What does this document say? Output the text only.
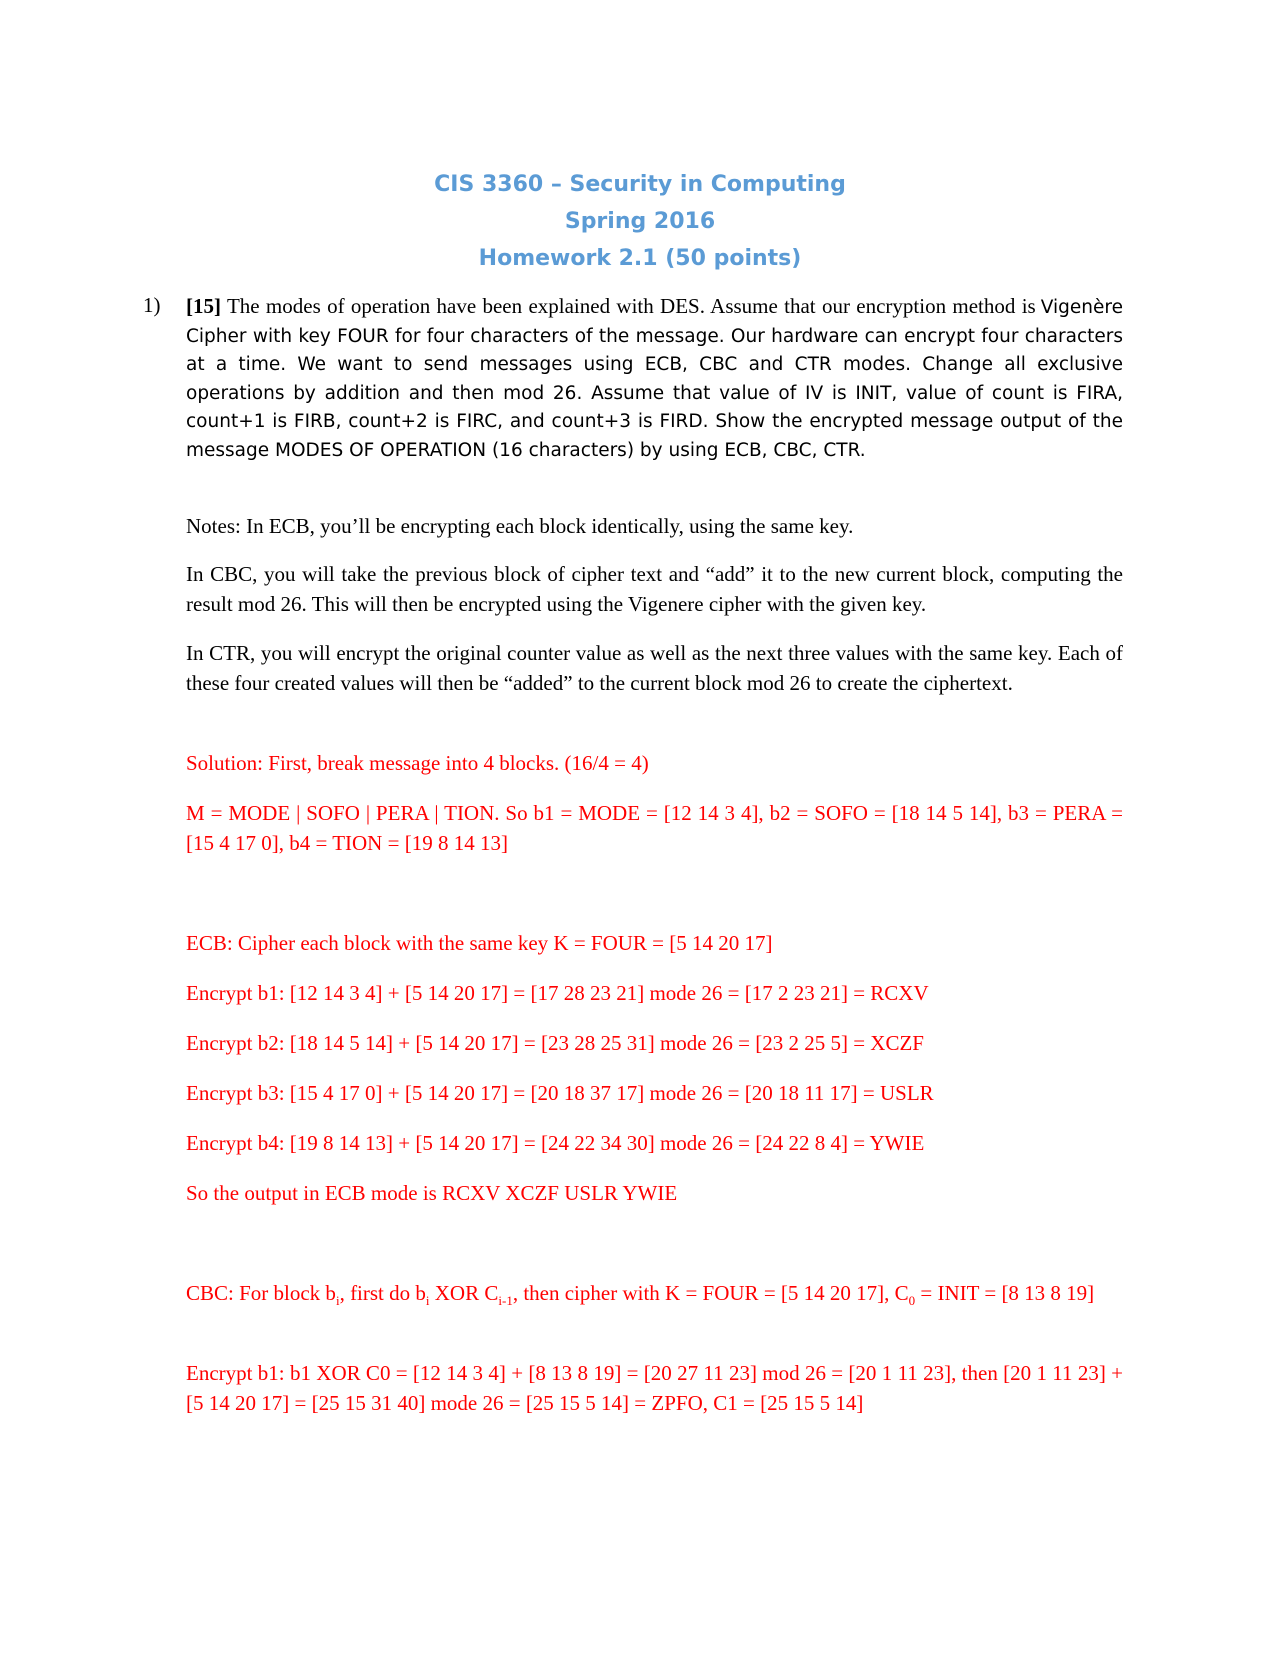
CIS 3360 – Security in Computing
Spring 2016
Homework 2.1 (50 points)
1) [15] The modes of operation have been explained with DES. Assume that our encryption method is Vigenère Cipher with key FOUR for four characters of the message. Our hardware can encrypt four characters at a time. We want to send messages using ECB, CBC and CTR modes. Change all exclusive operations by addition and then mod 26. Assume that value of IV is INIT, value of count is FIRA, count+1 is FIRB, count+2 is FIRC, and count+3 is FIRD. Show the encrypted message output of the message MODES OF OPERATION (16 characters) by using ECB, CBC, CTR.

Notes: In ECB, you’ll be encrypting each block identically, using the same key.

In CBC, you will take the previous block of cipher text and “add” it to the new current block, computing the result mod 26. This will then be encrypted using the Vigenere cipher with the given key.

In CTR, you will encrypt the original counter value as well as the next three values with the same key. Each of these four created values will then be “added” to the current block mod 26 to create the ciphertext.

Solution: First, break message into 4 blocks. (16/4 = 4)

M = MODE | SOFO | PERA | TION. So b1 = MODE = [12 14 3 4], b2 = SOFO = [18 14 5 14], b3 = PERA = [15 4 17 0], b4 = TION = [19 8 14 13]

ECB: Cipher each block with the same key K = FOUR = [5 14 20 17]

Encrypt b1: [12 14 3 4] + [5 14 20 17] = [17 28 23 21] mode 26 = [17 2 23 21] = RCXV

Encrypt b2: [18 14 5 14] + [5 14 20 17] = [23 28 25 31] mode 26 = [23 2 25 5] = XCZF

Encrypt b3: [15 4 17 0] + [5 14 20 17] = [20 18 37 17] mode 26 = [20 18 11 17] = USLR

Encrypt b4: [19 8 14 13] + [5 14 20 17] = [24 22 34 30] mode 26 = [24 22 8 4] = YWIE

So the output in ECB mode is RCXV XCZF USLR YWIE

CBC: For block $b_i$, first do $b_i$ XOR $C_{i-1}$, then cipher with K = FOUR = [5 14 20 17], $C_0$ = INIT = [8 13 8 19]

Encrypt b1: b1 XOR C0 = [12 14 3 4] + [8 13 8 19] = [20 27 11 23] mod 26 = [20 1 11 23], then [20 1 11 23] + [5 14 20 17] = [25 15 31 40] mode 26 = [25 15 5 14] = ZPFO, C1 = [25 15 5 14]
